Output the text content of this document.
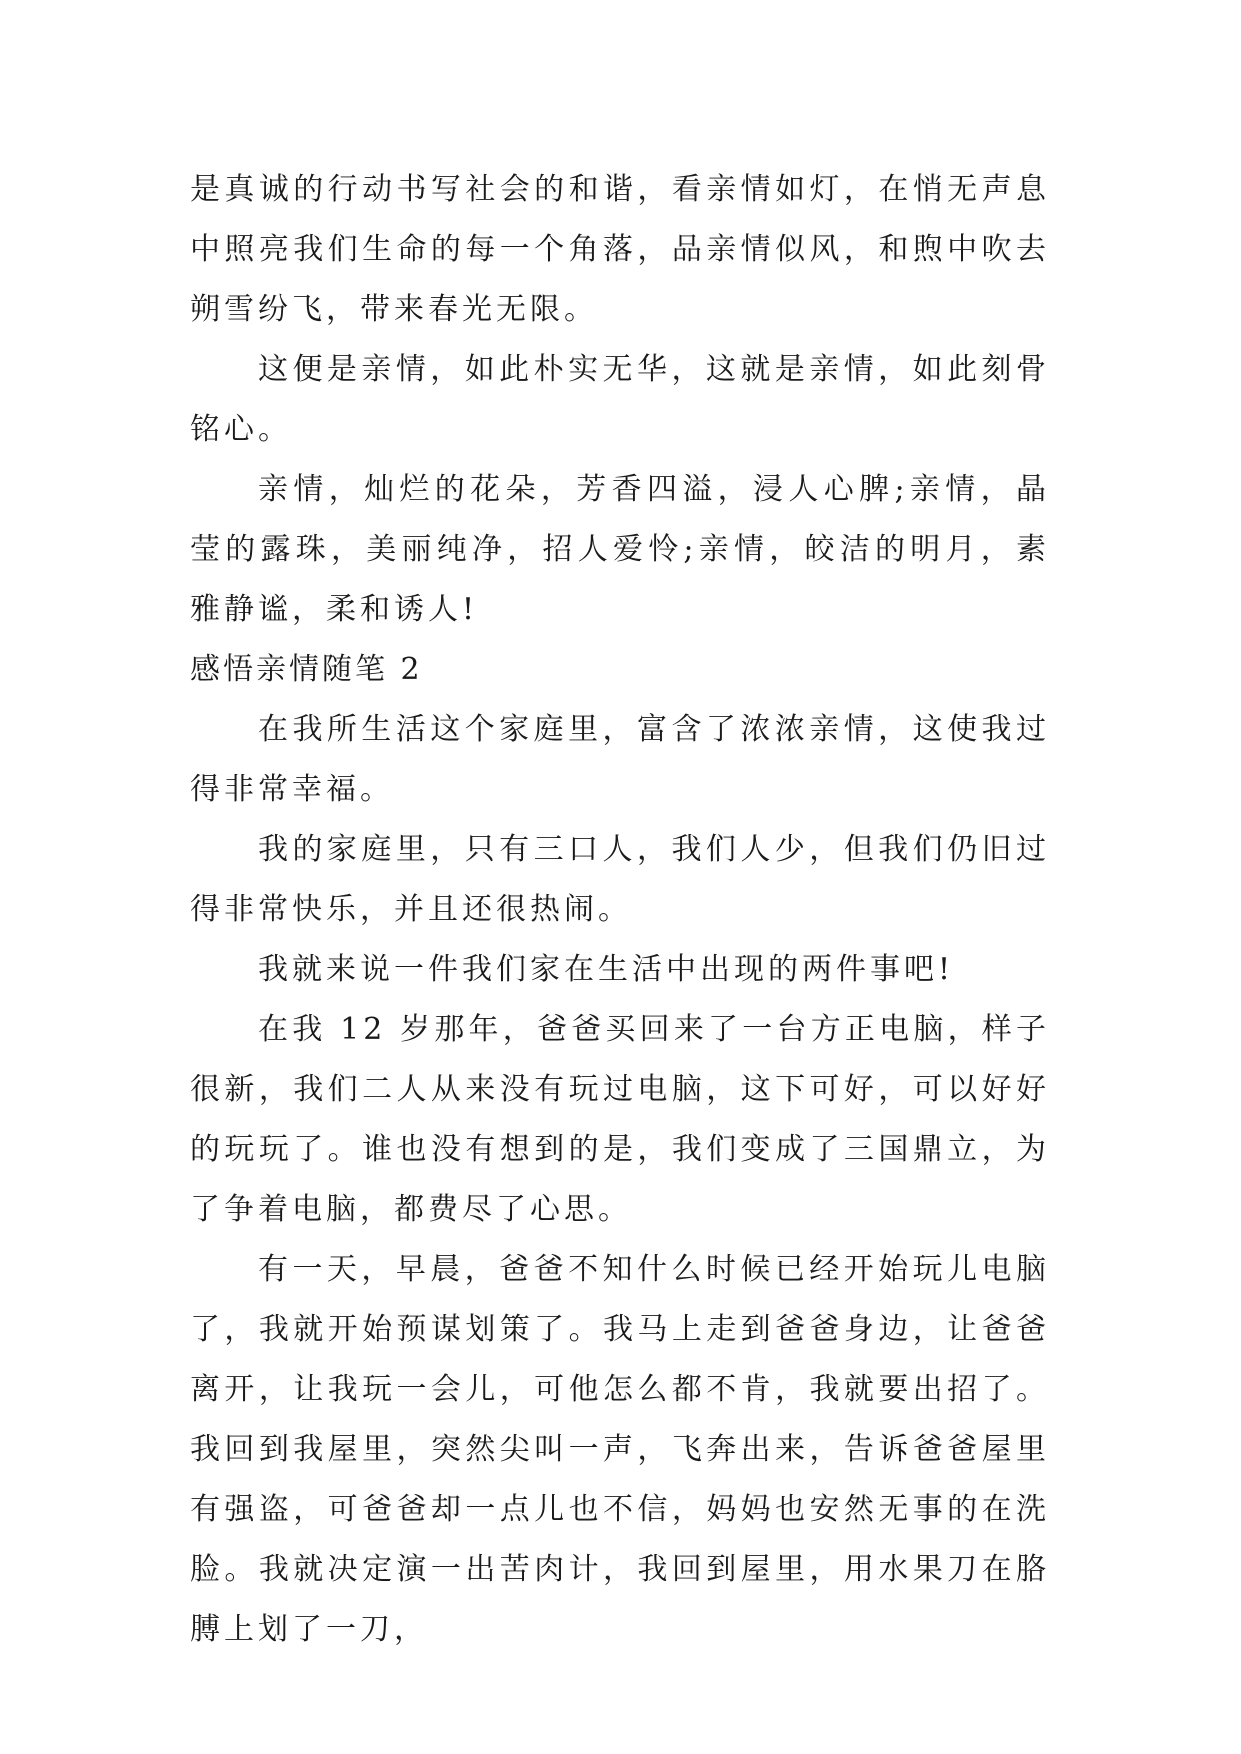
是真诚的行动书写社会的和谐，看亲情如灯，在悄无声息中照亮我们生命的每一个角落，品亲情似风，和煦中吹去朔雪纷飞，带来春光无限。

这便是亲情，如此朴实无华，这就是亲情，如此刻骨铭心。

亲情，灿烂的花朵，芳香四溢，浸人心脾;亲情，晶莹的露珠，美丽纯净，招人爱怜;亲情，皎洁的明月，素雅静谧，柔和诱人!

感悟亲情随笔 2

在我所生活这个家庭里，富含了浓浓亲情，这使我过得非常幸福。

我的家庭里，只有三口人，我们人少，但我们仍旧过得非常快乐，并且还很热闹。

我就来说一件我们家在生活中出现的两件事吧!

在我 12 岁那年，爸爸买回来了一台方正电脑，样子很新，我们二人从来没有玩过电脑，这下可好，可以好好的玩玩了。谁也没有想到的是，我们变成了三国鼎立，为了争着电脑，都费尽了心思。

有一天，早晨，爸爸不知什么时候已经开始玩儿电脑了，我就开始预谋划策了。我马上走到爸爸身边，让爸爸离开，让我玩一会儿，可他怎么都不肯，我就要出招了。我回到我屋里，突然尖叫一声，飞奔出来，告诉爸爸屋里有强盗，可爸爸却一点儿也不信，妈妈也安然无事的在洗脸。我就决定演一出苦肉计，我回到屋里，用水果刀在胳膊上划了一刀，
